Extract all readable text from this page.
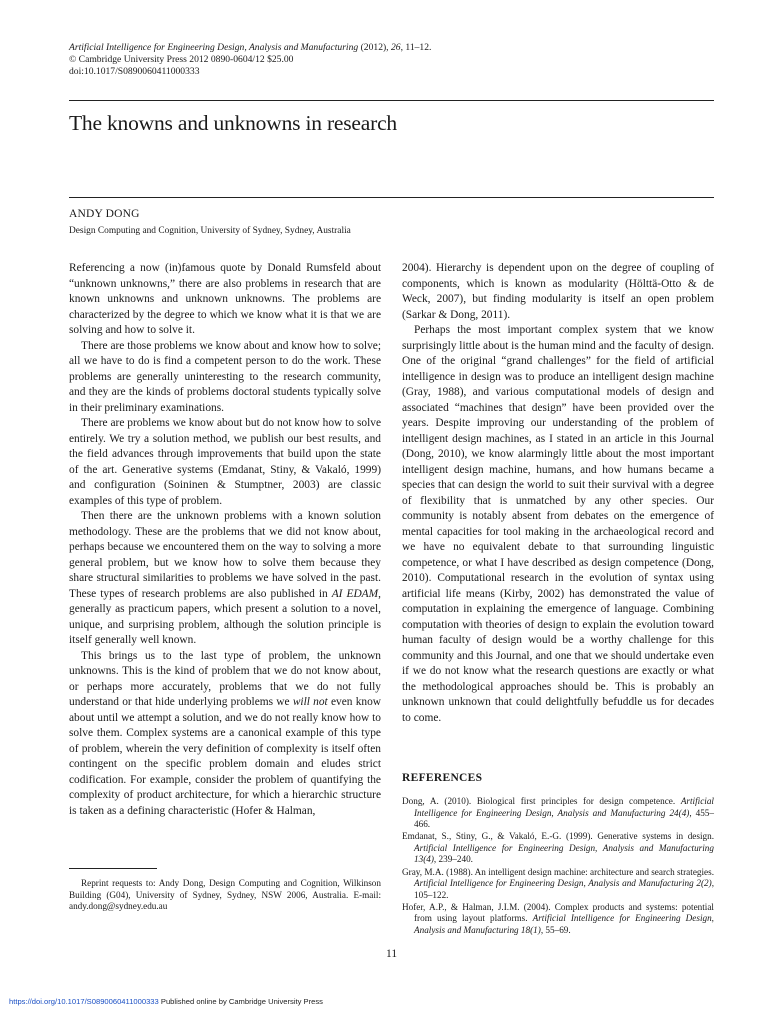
Artificial Intelligence for Engineering Design, Analysis and Manufacturing (2012), 26, 11–12.
© Cambridge University Press 2012 0890-0604/12 $25.00
doi:10.1017/S0890060411000333
The knowns and unknowns in research
ANDY DONG
Design Computing and Cognition, University of Sydney, Sydney, Australia

Referencing a now (in)famous quote by Donald Rumsfeld about “unknown unknowns,” there are also problems in research that are known unknowns and unknown unknowns. The problems are characterized by the degree to which we know what it is that we are solving and how to solve it.

There are those problems we know about and know how to solve; all we have to do is find a competent person to do the work. These problems are generally uninteresting to the research community, and they are the kinds of problems doctoral students typically solve in their preliminary examinations.

There are problems we know about but do not know how to solve entirely. We try a solution method, we publish our best results, and the field advances through improvements that build upon the state of the art. Generative systems (Emdanat, Stiny, & Vakaló, 1999) and configuration (Soininen & Stumptner, 2003) are classic examples of this type of problem.

Then there are the unknown problems with a known solution methodology. These are the problems that we did not know about, perhaps because we encountered them on the way to solving a more general problem, but we know how to solve them because they share structural similarities to problems we have solved in the past. These types of research problems are also published in AI EDAM, generally as practicum papers, which present a solution to a novel, unique, and surprising problem, although the solution principle is itself generally well known.

This brings us to the last type of problem, the unknown unknowns. This is the kind of problem that we do not know about, or perhaps more accurately, problems that we do not fully understand or that hide underlying problems we will not even know about until we attempt a solution, and we do not really know how to solve them. Complex systems are a canonical example of this type of problem, wherein the very definition of complexity is itself often contingent on the specific problem domain and eludes strict codification. For example, consider the problem of quantifying the complexity of product architecture, for which a hierarchic structure is taken as a defining characteristic (Hofer & Halman,

2004). Hierarchy is dependent upon on the degree of coupling of components, which is known as modularity (Hölttä-Otto & de Weck, 2007), but finding modularity is itself an open problem (Sarkar & Dong, 2011).

Perhaps the most important complex system that we know surprisingly little about is the human mind and the faculty of design. One of the original “grand challenges” for the field of artificial intelligence in design was to produce an intelligent design machine (Gray, 1988), and various computational models of design and associated “machines that design” have been provided over the years. Despite improving our understanding of the problem of intelligent design machines, as I stated in an article in this Journal (Dong, 2010), we know alarmingly little about the most important intelligent design machine, humans, and how humans became a species that can design the world to suit their survival with a degree of flexibility that is unmatched by any other species. Our community is notably absent from debates on the emergence of mental capacities for tool making in the archaeological record and we have no equivalent debate to that surrounding linguistic competence, or what I have described as design competence (Dong, 2010). Computational research in the evolution of syntax using artificial life means (Kirby, 2002) has demonstrated the value of computation in explaining the emergence of language. Combining computation with theories of design to explain the evolution toward human faculty of design would be a worthy challenge for this community and this Journal, and one that we should undertake even if we do not know what the research questions are exactly or what the methodological approaches should be. This is probably an unknown unknown that could delightfully befuddle us for decades to come.

Reprint requests to: Andy Dong, Design Computing and Cognition, Wilkinson Building (G04), University of Sydney, Sydney, NSW 2006, Australia. E-mail: andy.dong@sydney.edu.au

REFERENCES

Dong, A. (2010). Biological first principles for design competence. Artificial Intelligence for Engineering Design, Analysis and Manufacturing 24(4), 455–466.

Emdanat, S., Stiny, G., & Vakaló, E.-G. (1999). Generative systems in design. Artificial Intelligence for Engineering Design, Analysis and Manufacturing 13(4), 239–240.

Gray, M.A. (1988). An intelligent design machine: architecture and search strategies. Artificial Intelligence for Engineering Design, Analysis and Manufacturing 2(2), 105–122.

Hofer, A.P., & Halman, J.I.M. (2004). Complex products and systems: potential from using layout platforms. Artificial Intelligence for Engineering Design, Analysis and Manufacturing 18(1), 55–69.

11
https://doi.org/10.1017/S0890060411000333 Published online by Cambridge University Press
